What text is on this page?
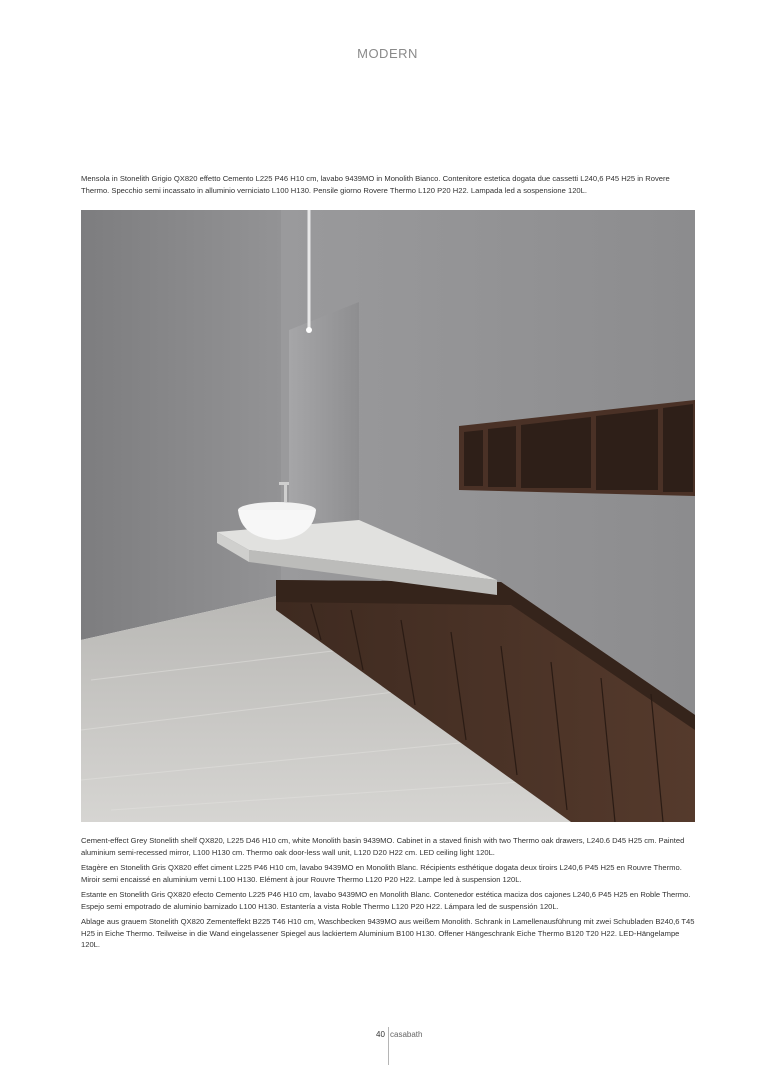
MODERN
Mensola in Stonelith Grigio QX820 effetto Cemento L225 P46 H10 cm, lavabo 9439MO in Monolith Bianco. Contenitore estetica dogata due cassetti L240,6 P45 H25 in Rovere Thermo. Specchio semi incassato in alluminio verniciato L100 H130. Pensile giorno Rovere Thermo L120 P20 H22. Lampada led a sospensione 120L.

Cement-effect Grey Stonelith shelf QX820, L225 D46 H10 cm, white Monolith basin 9439MO. Cabinet in a staved finish with two Thermo oak drawers, L240.6 D45 H25 cm. Painted aluminium semi-recessed mirror, L100 H130 cm. Thermo oak door-less wall unit, L120 D20 H22 cm. LED ceiling light 120L.

Etagère en Stonelith Gris QX820 effet ciment L225 P46 H10 cm, lavabo 9439MO en Monolith Blanc. Récipients esthétique dogata deux tiroirs L240,6 P45 H25 en Rouvre Thermo. Miroir semi encaissé en aluminium verni L100 H130. Elément à jour Rouvre Thermo L120 P20 H22. Lampe led à suspension 120L.

Estante en Stonelith Gris QX820 efecto Cemento L225 P46 H10 cm, lavabo 9439MO en Monolith Blanc. Contenedor estética maciza dos cajones L240,6 P45 H25 en Roble Thermo. Espejo semi empotrado de aluminio barnizado L100 H130. Estantería a vista Roble Thermo L120 P20 H22. Lámpara led de suspensión 120L.

Ablage aus grauem Stonelith QX820 Zementeffekt B225 T46 H10 cm, Waschbecken 9439MO aus weißem Monolith. Schrank in Lamellenausführung mit zwei Schubladen B240,6 T45 H25 in Eiche Thermo. Teilweise in die Wand eingelassener Spiegel aus lackiertem Aluminium B100 H130. Offener Hängeschrank Eiche Thermo B120 T20 H22. LED-Hängelampe 120L.

40 casabath
